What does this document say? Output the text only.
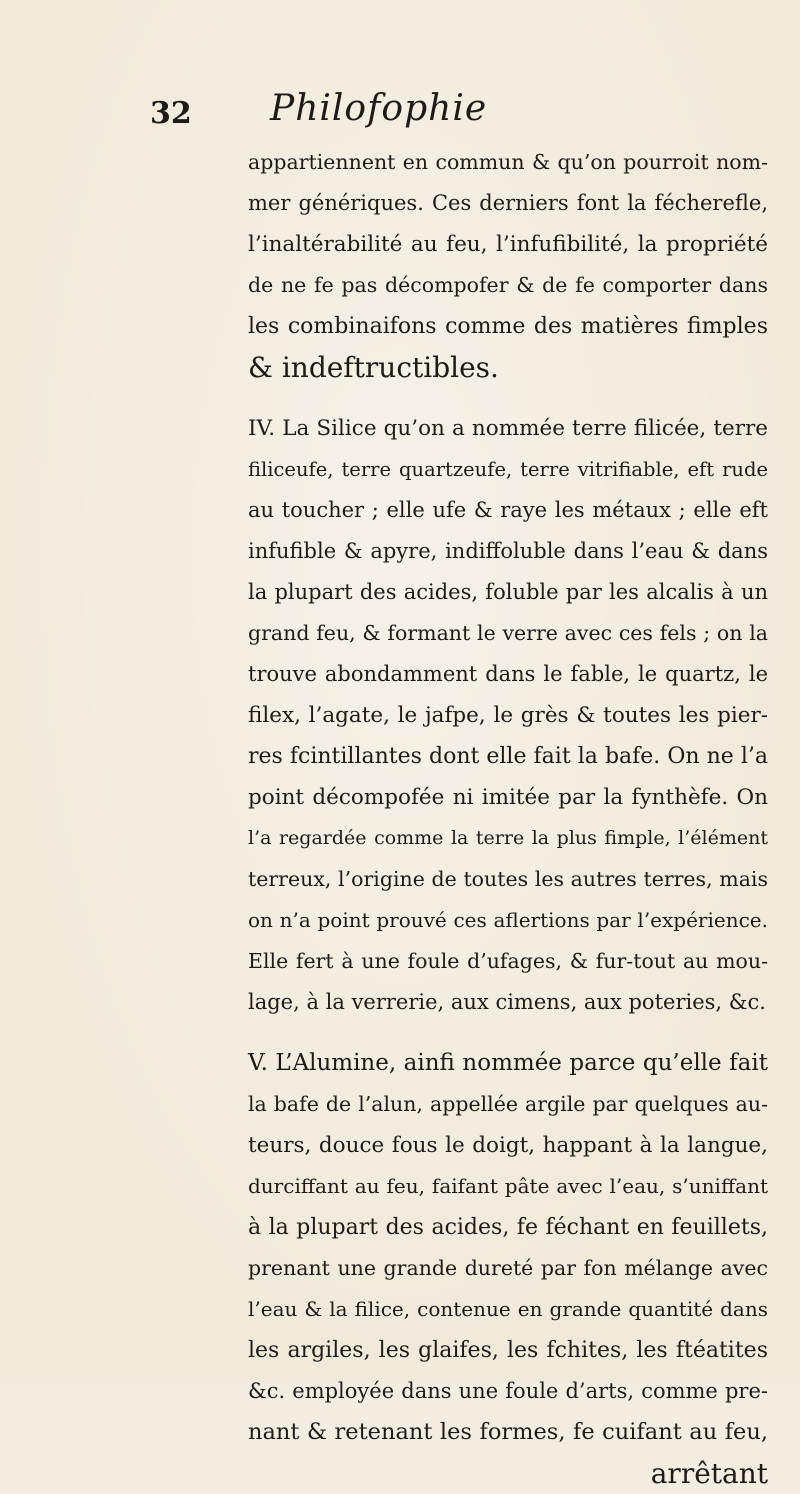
32 Philofophie
appartiennent en commun & qu’on pourroit nom-
mer génériques. Ces derniers font la fécherefle,
l’inaltérabilité au feu, l’infufibilité, la propriété
de ne fe pas décompofer & de fe comporter dans
les combinaifons comme des matières fimples
& indeftructibles.
IV. La Silice qu’on a nommée terre filicée, terre
filiceufe, terre quartzeufe, terre vitrifiable, eft rude
au toucher ; elle ufe & raye les métaux ; elle eft
infufible & apyre, indiffoluble dans l’eau & dans
la plupart des acides, foluble par les alcalis à un
grand feu, & formant le verre avec ces fels ; on la
trouve abondamment dans le fable, le quartz, le
filex, l’agate, le jafpe, le grès & toutes les pier-
res fcintillantes dont elle fait la bafe. On ne l’a
point décompofée ni imitée par la fynthèfe. On
l’a regardée comme la terre la plus fimple, l’élément
terreux, l’origine de toutes les autres terres, mais
on n’a point prouvé ces aflertions par l’expérience.
Elle fert à une foule d’ufages, & fur-tout au mou-
lage, à la verrerie, aux cimens, aux poteries, &c.
V. L’Alumine, ainfi nommée parce qu’elle fait
la bafe de l’alun, appellée argile par quelques au-
teurs, douce fous le doigt, happant à la langue,
durciffant au feu, faifant pâte avec l’eau, s’uniffant
à la plupart des acides, fe féchant en feuillets,
prenant une grande dureté par fon mélange avec
l’eau & la filice, contenue en grande quantité dans
les argiles, les glaifes, les fchites, les ftéatites
&c. employée dans une foule d’arts, comme pre-
nant & retenant les formes, fe cuifant au feu,
arrêtant
